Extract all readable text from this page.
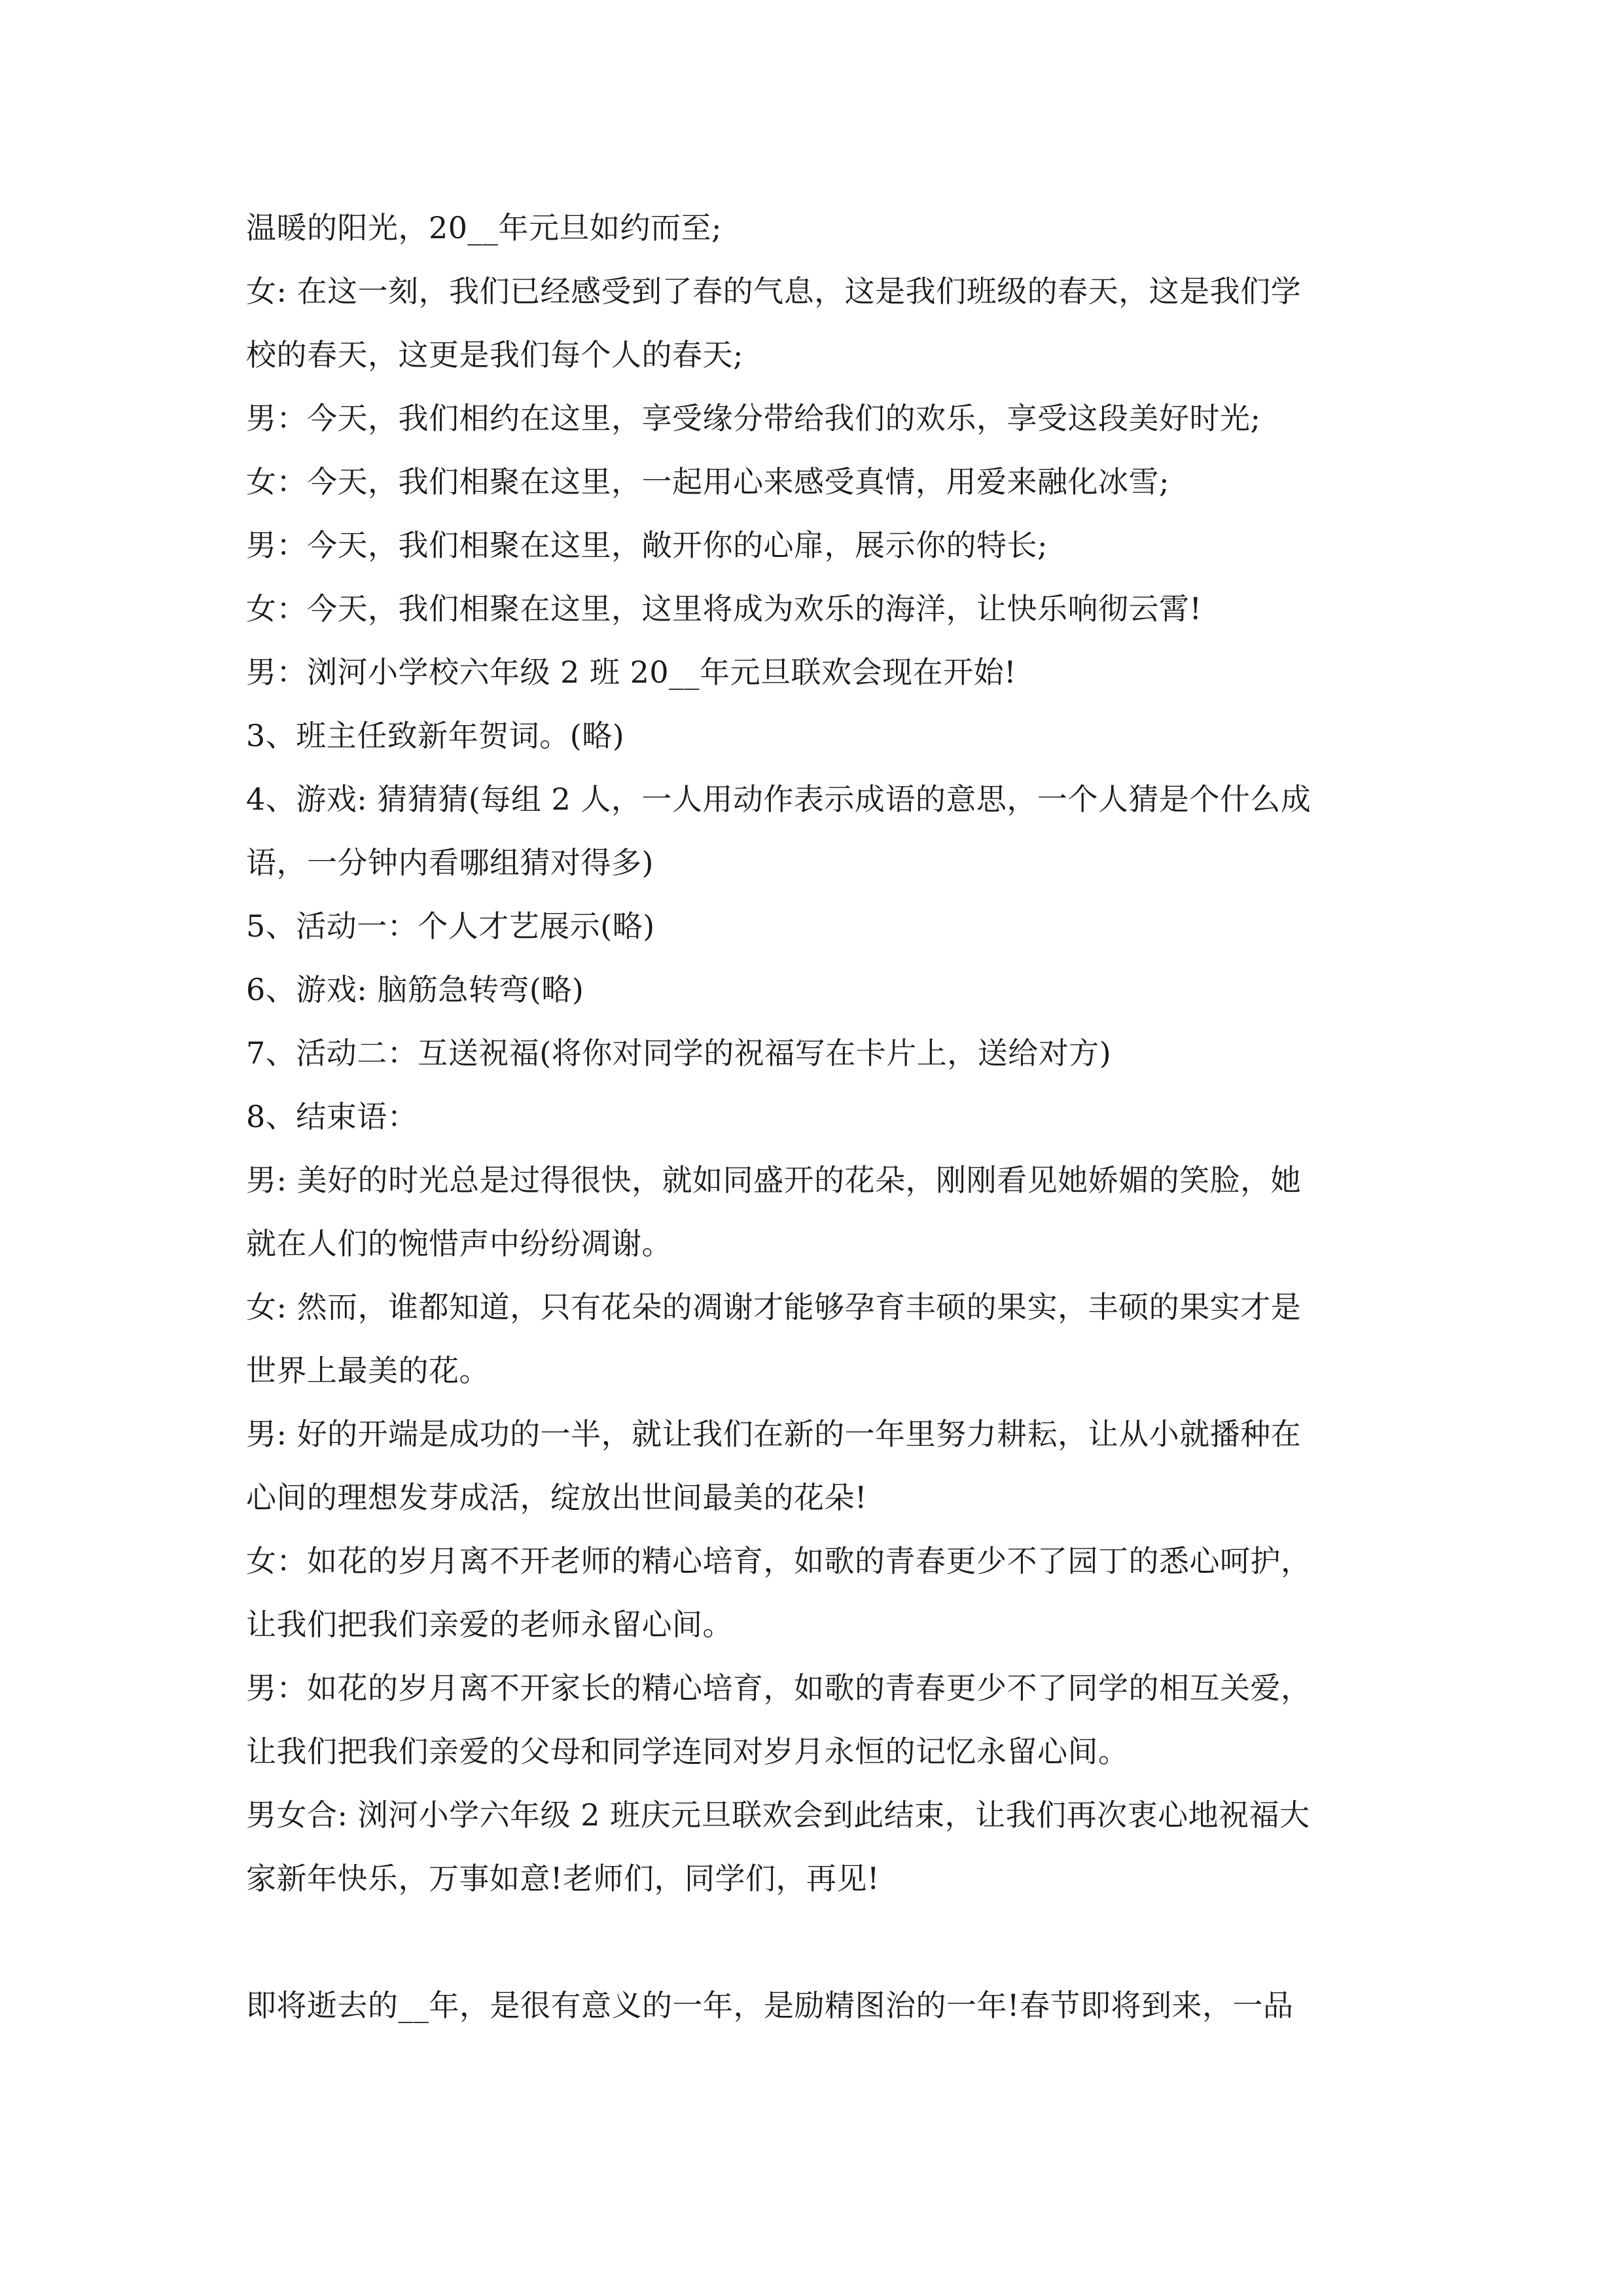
温暖的阳光，20__年元旦如约而至;
女: 在这一刻，我们已经感受到了春的气息，这是我们班级的春天，这是我们学
校的春天，这更是我们每个人的春天;
男：今天，我们相约在这里，享受缘分带给我们的欢乐，享受这段美好时光;
女：今天，我们相聚在这里，一起用心来感受真情，用爱来融化冰雪;
男：今天，我们相聚在这里，敞开你的心扉，展示你的特长;
女：今天，我们相聚在这里，这里将成为欢乐的海洋，让快乐响彻云霄!
男：浏河小学校六年级 2 班 20__年元旦联欢会现在开始!
3、班主任致新年贺词。(略)
4、游戏: 猜猜猜(每组 2 人，一人用动作表示成语的意思，一个人猜是个什么成
语，一分钟内看哪组猜对得多)
5、活动一：个人才艺展示(略)
6、游戏: 脑筋急转弯(略)
7、活动二：互送祝福(将你对同学的祝福写在卡片上，送给对方)
8、结束语：
男: 美好的时光总是过得很快，就如同盛开的花朵，刚刚看见她娇媚的笑脸，她
就在人们的惋惜声中纷纷凋谢。
女: 然而，谁都知道，只有花朵的凋谢才能够孕育丰硕的果实，丰硕的果实才是
世界上最美的花。
男: 好的开端是成功的一半，就让我们在新的一年里努力耕耘，让从小就播种在
心间的理想发芽成活，绽放出世间最美的花朵!
女：如花的岁月离不开老师的精心培育，如歌的青春更少不了园丁的悉心呵护，
让我们把我们亲爱的老师永留心间。
男：如花的岁月离不开家长的精心培育，如歌的青春更少不了同学的相互关爱，
让我们把我们亲爱的父母和同学连同对岁月永恒的记忆永留心间。
男女合: 浏河小学六年级 2 班庆元旦联欢会到此结束，让我们再次衷心地祝福大
家新年快乐，万事如意!老师们，同学们，再见!
即将逝去的__年，是很有意义的一年，是励精图治的一年!春节即将到来，一品
